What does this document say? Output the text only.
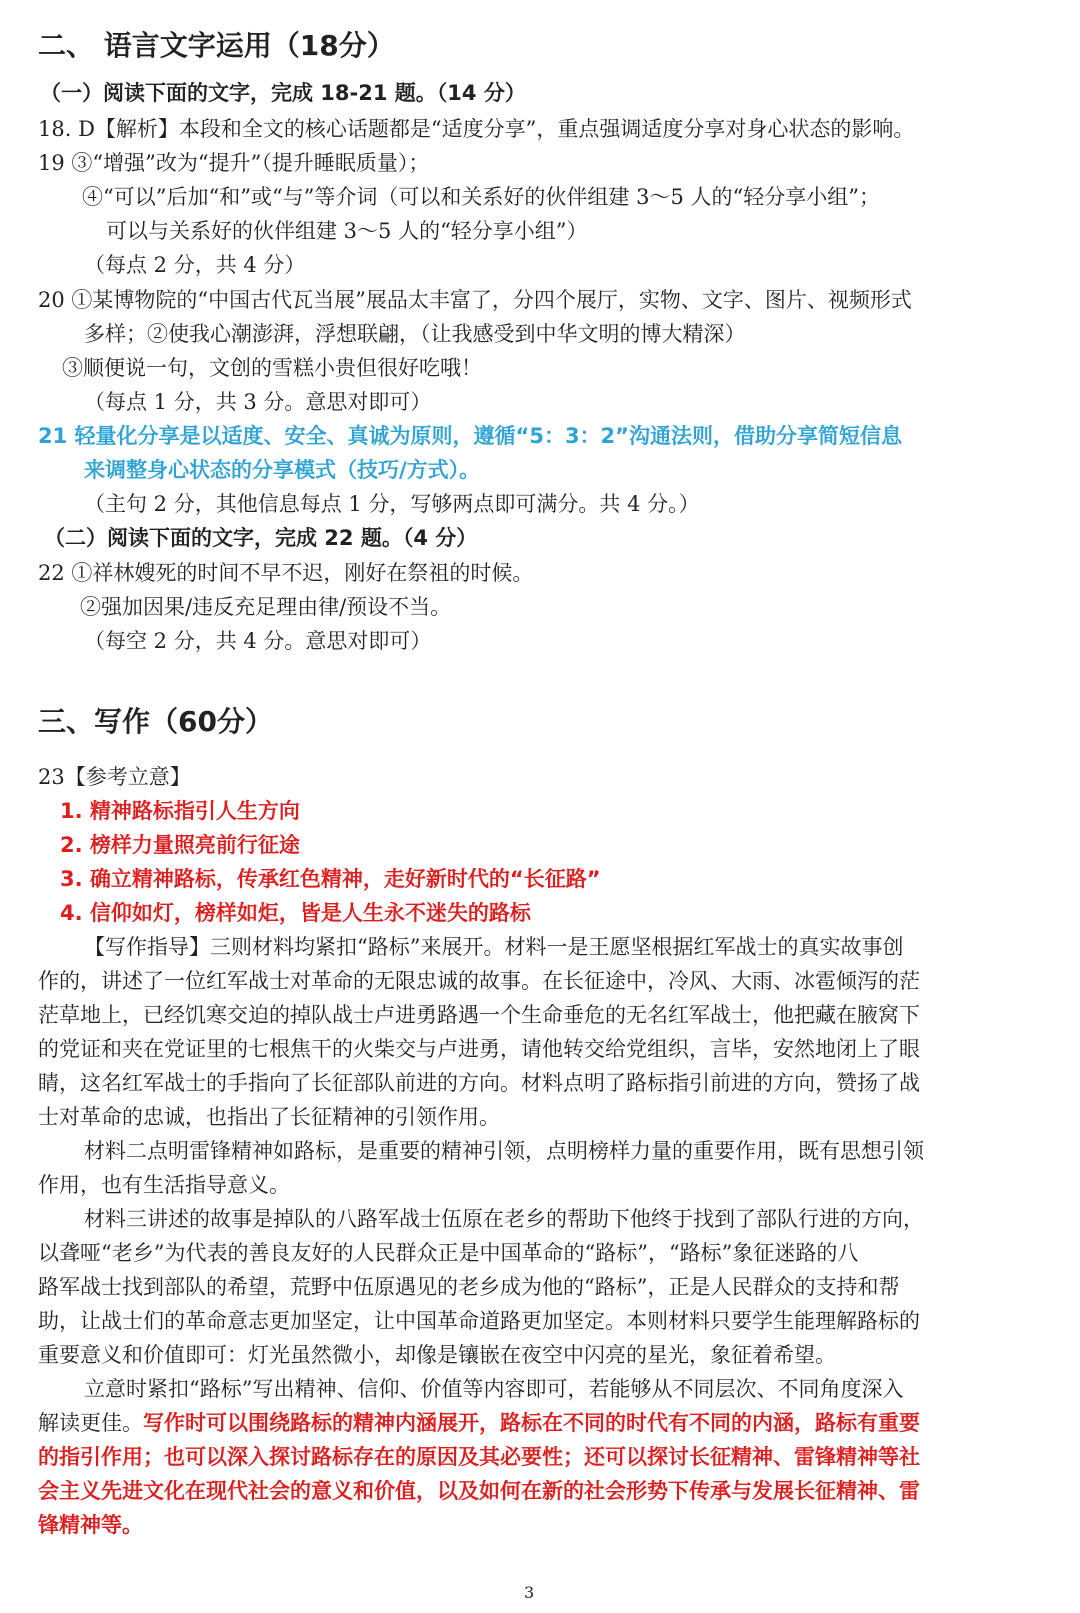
二、 语言文字运用（18分）
（一）阅读下面的文字，完成 18-21 题。（14 分）
18. D【解析】本段和全文的核心话题都是“适度分享”，重点强调适度分享对身心状态的影响。
19 ③“增强”改为“提升”（提升睡眠质量）；
④“可以”后加“和”或“与”等介词（可以和关系好的伙伴组建 3～5 人的“轻分享小组”；
可以与关系好的伙伴组建 3～5 人的“轻分享小组”）
（每点 2 分，共 4 分）
20 ①某博物院的“中国古代瓦当展”展品太丰富了，分四个展厅，实物、文字、图片、视频形式
多样；②使我心潮澎湃，浮想联翩，（让我感受到中华文明的博大精深）
③顺便说一句，文创的雪糕小贵但很好吃哦！
（每点 1 分，共 3 分。意思对即可）
21 轻量化分享是以适度、安全、真诚为原则，遵循“5：3：2”沟通法则，借助分享简短信息
来调整身心状态的分享模式（技巧/方式）。
（主句 2 分，其他信息每点 1 分，写够两点即可满分。共 4 分。）
（二）阅读下面的文字，完成 22 题。（4 分）
22 ①祥林嫂死的时间不早不迟，刚好在祭祖的时候。
②强加因果/违反充足理由律/预设不当。
（每空 2 分，共 4 分。意思对即可）
三、写作（60分）
23【参考立意】
1. 精神路标指引人生方向
2. 榜样力量照亮前行征途
3. 确立精神路标，传承红色精神，走好新时代的“长征路”
4. 信仰如灯，榜样如炬，皆是人生永不迷失的路标
【写作指导】三则材料均紧扣“路标”来展开。材料一是王愿坚根据红军战士的真实故事创
作的，讲述了一位红军战士对革命的无限忠诚的故事。在长征途中，冷风、大雨、冰雹倾泻的茫
茫草地上，已经饥寒交迫的掉队战士卢进勇路遇一个生命垂危的无名红军战士，他把藏在腋窝下
的党证和夹在党证里的七根焦干的火柴交与卢进勇，请他转交给党组织，言毕，安然地闭上了眼
睛，这名红军战士的手指向了长征部队前进的方向。材料点明了路标指引前进的方向，赞扬了战
士对革命的忠诚，也指出了长征精神的引领作用。
材料二点明雷锋精神如路标，是重要的精神引领，点明榜样力量的重要作用，既有思想引领
作用，也有生活指导意义。
材料三讲述的故事是掉队的八路军战士伍原在老乡的帮助下他终于找到了部队行进的方向，
以聋哑“老乡”为代表的善良友好的人民群众正是中国革命的“路标”，“路标”象征迷路的八
路军战士找到部队的希望，荒野中伍原遇见的老乡成为他的“路标”，正是人民群众的支持和帮
助，让战士们的革命意志更加坚定，让中国革命道路更加坚定。本则材料只要学生能理解路标的
重要意义和价值即可：灯光虽然微小，却像是镶嵌在夜空中闪亮的星光，象征着希望。
立意时紧扣“路标”写出精神、信仰、价值等内容即可，若能够从不同层次、不同角度深入
解读更佳。写作时可以围绕路标的精神内涵展开，路标在不同的时代有不同的内涵，路标有重要
的指引作用；也可以深入探讨路标存在的原因及其必要性；还可以探讨长征精神、雷锋精神等社
会主义先进文化在现代社会的意义和价值，以及如何在新的社会形势下传承与发展长征精神、雷
锋精神等。
3
